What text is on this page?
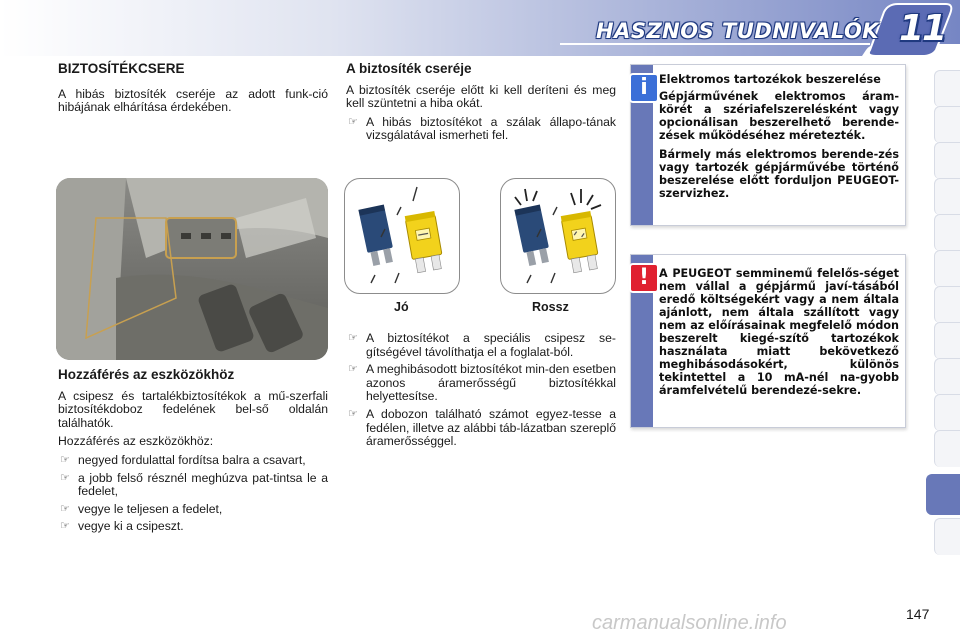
HASZNOS TUDNIVALÓK 11
BIZTOSÍTÉKCSERE

A hibás biztosíték cseréje az adott funk-ció hibájának elhárítása érdekében.

Hozzáférés az eszközökhöz

A csipesz és tartalékbiztosítékok a mű-szerfali biztosítékdoboz fedelének bel-ső oldalán találhatók.

Hozzáférés az eszközökhöz:

☞ negyed fordulattal fordítsa balra a csavart,
☞ a jobb felső résznél meghúzva pat-tintsa le a fedelet,
☞ vegye le teljesen a fedelet,
☞ vegye ki a csipeszt.
A biztosíték cseréje

A biztosíték cseréje előtt ki kell deríteni és meg kell szüntetni a hiba okát.

☞ A hibás biztosítékot a szálak állapo-tának vizsgálatával ismerheti fel.
Jó	Rossz
☞ A biztosítékot a speciális csipesz se-gítségével távolíthatja el a foglalat-ból.
☞ A meghibásodott biztosítékot min-den esetben azonos áramerősségű biztosítékkal helyettesítse.
☞ A dobozon található számot egyez-tesse a fedélen, illetve az alábbi táb-lázatban szereplő áramerősséggel.
i	Elektromos tartozékok beszerelése

Gépjárművének elektromos áram-körét a szériafelszerelésként vagy opcionálisan beszerelhető berende-zések működéséhez méretezték.

Bármely más elektromos berende-zés vagy tartozék gépjárművébe történő beszerelése előtt forduljon PEUGEOT-szervizhez.

! A PEUGEOT semminemű felelős-séget nem vállal a gépjármű javí-tásából eredő költségekért vagy a nem általa ajánlott, nem általa szállított vagy nem az előírásainak megfelelő módon beszerelt kiegé-szítő tartozékok használata miatt bekövetkező meghibásodásokért, különös tekintettel a 10 mA-nél na-gyobb áramfelvételű berendezé-sekre.

147
carmanualsonline.info
